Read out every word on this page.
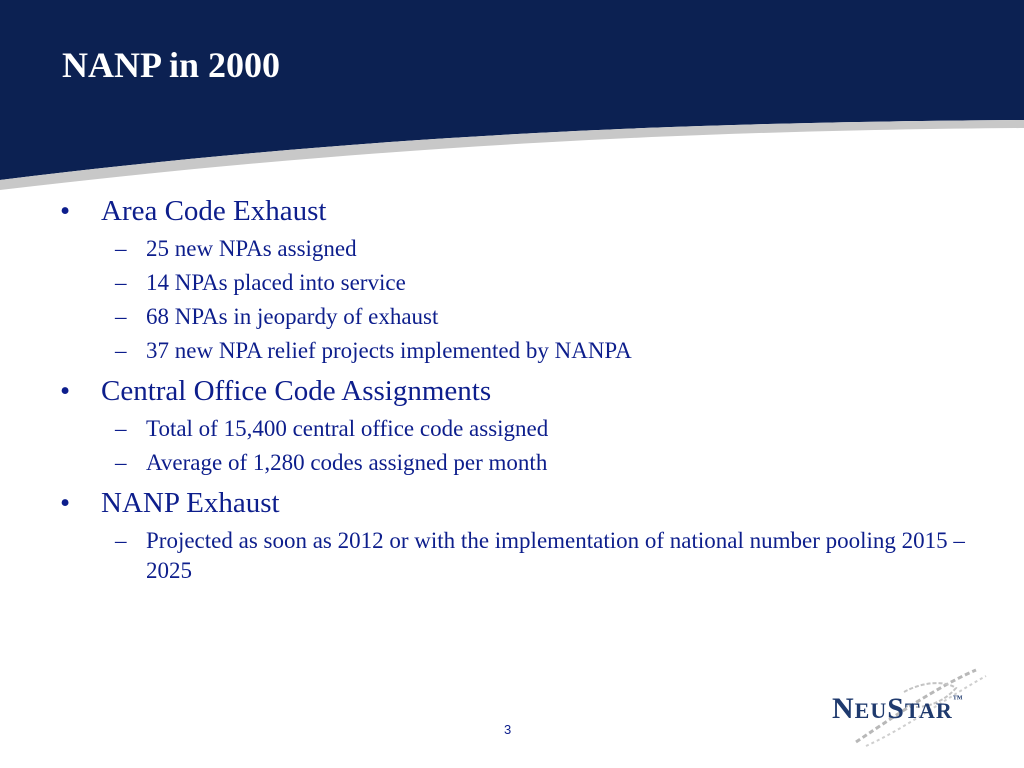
NANP in 2000
• Area Code Exhaust
– 25 new NPAs assigned
– 14 NPAs placed into service
– 68 NPAs in jeopardy of exhaust
– 37 new NPA relief projects implemented by NANPA
• Central Office Code Assignments
– Total of 15,400 central office code assigned
– Average of 1,280 codes assigned per month
• NANP Exhaust
– Projected as soon as 2012 or with the implementation of national number pooling 2015 – 2025
3
NEUSTAR™
